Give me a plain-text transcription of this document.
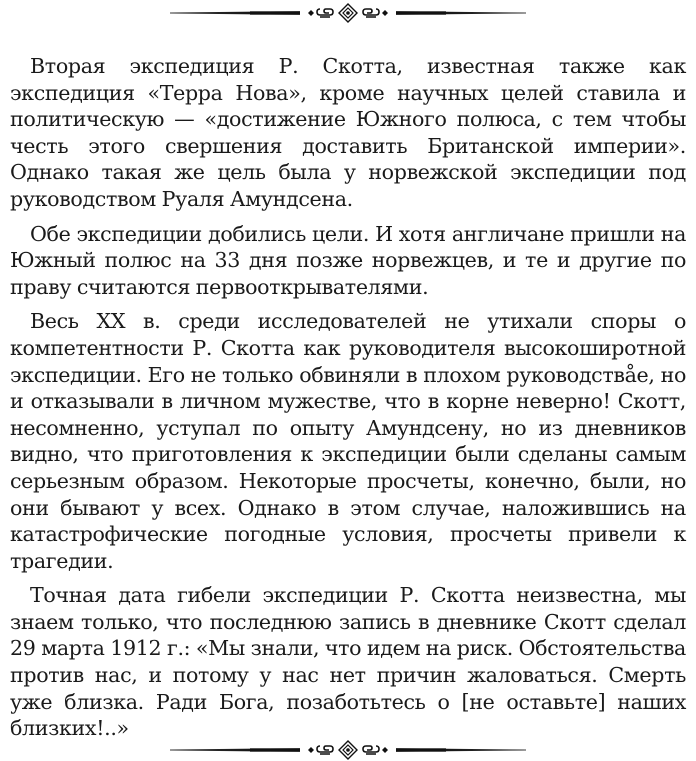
Вторая экспедиция Р. Скотта, известная также как экспедиция «Терра Нова», кроме научных целей ставила и политическую — «достижение Южного полюса, с тем чтобы честь этого свершения доставить Британской империи». Однако такая же цель была у норвежской экспедиции под руководством Руаля Амундсена.

Обе экспедиции добились цели. И хотя англичане пришли на Южный полюс на 33 дня позже норвежцев, и те и другие по праву считаются первооткрывателями.

Весь XX в. среди исследователей не утихали споры о компетентности Р. Скотта как руководителя высокоширотной экспедиции. Его не только обвиняли в плохом руководствåе, но и отказывали в личном мужестве, что в корне неверно! Скотт, несомненно, уступал по опыту Амундсену, но из дневников видно, что приготовления к экспедиции были сделаны самым серьезным образом. Некоторые просчеты, конечно, были, но они бывают у всех. Однако в этом случае, наложившись на катастрофические погодные условия, просчеты привели к трагедии.

Точная дата гибели экспедиции Р. Скотта неизвестна, мы знаем только, что последнюю запись в дневнике Скотт сделал 29 марта 1912 г.: «Мы знали, что идем на риск. Обстоятельства против нас, и потому у нас нет причин жаловаться. Смерть уже близка. Ради Бога, позаботьтесь о [не оставьте] наших близких!..»
